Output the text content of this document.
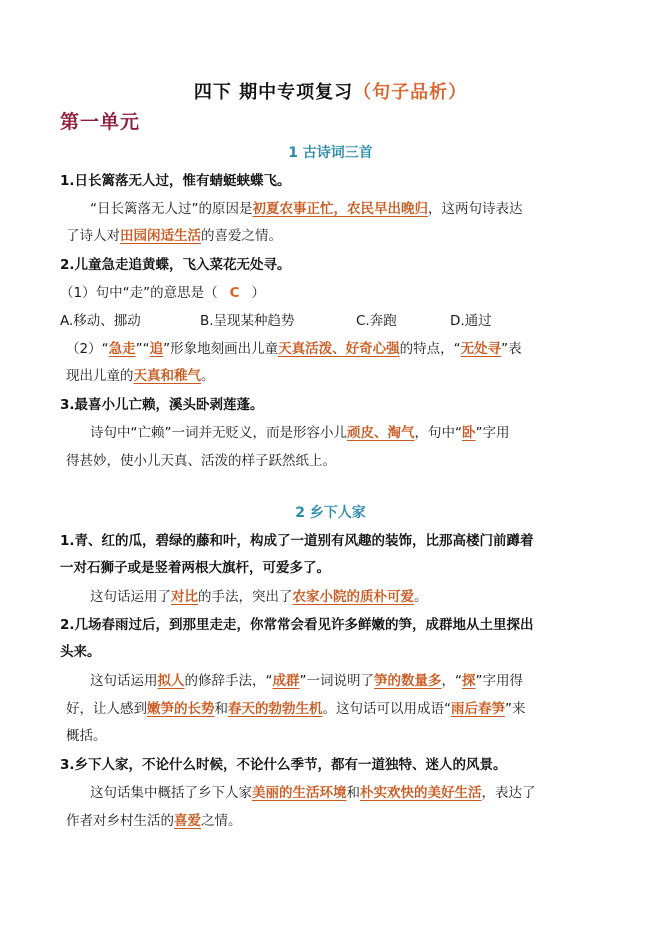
四下 期中专项复习（句子品析）
第一单元
1 古诗词三首
1.日长篱落无人过，惟有蜻蜓蛱蝶飞。
“日长篱落无人过”的原因是初夏农事正忙，农民早出晚归，这两句诗表达
了诗人对田园闲适生活的喜爱之情。
2.儿童急走追黄蝶，飞入菜花无处寻。
（1）句中“走”的意思是（ C ）
A.移动、挪动	B.呈现某种趋势	C.奔跑	D.通过
（2）“急走”“追”形象地刻画出儿童天真活泼、好奇心强的特点，“无处寻”表
现出儿童的天真和稚气。
3.最喜小儿亡赖，溪头卧剥莲蓬。
诗句中“亡赖”一词并无贬义，而是形容小儿顽皮、淘气，句中“卧”字用
得甚妙，使小儿天真、活泼的样子跃然纸上。
2 乡下人家
1.青、红的瓜，碧绿的藤和叶，构成了一道别有风趣的装饰，比那高楼门前蹲着
一对石狮子或是竖着两根大旗杆，可爱多了。
这句话运用了对比的手法，突出了农家小院的质朴可爱。
2.几场春雨过后，到那里走走，你常常会看见许多鲜嫩的笋，成群地从土里探出
头来。
这句话运用拟人的修辞手法，“成群”一词说明了笋的数量多，“探”字用得
好，让人感到嫩笋的长势和春天的勃勃生机。这句话可以用成语“雨后春笋”来
概括。
3.乡下人家，不论什么时候，不论什么季节，都有一道独特、迷人的风景。
这句话集中概括了乡下人家美丽的生活环境和朴实欢快的美好生活，表达了
作者对乡村生活的喜爱之情。
